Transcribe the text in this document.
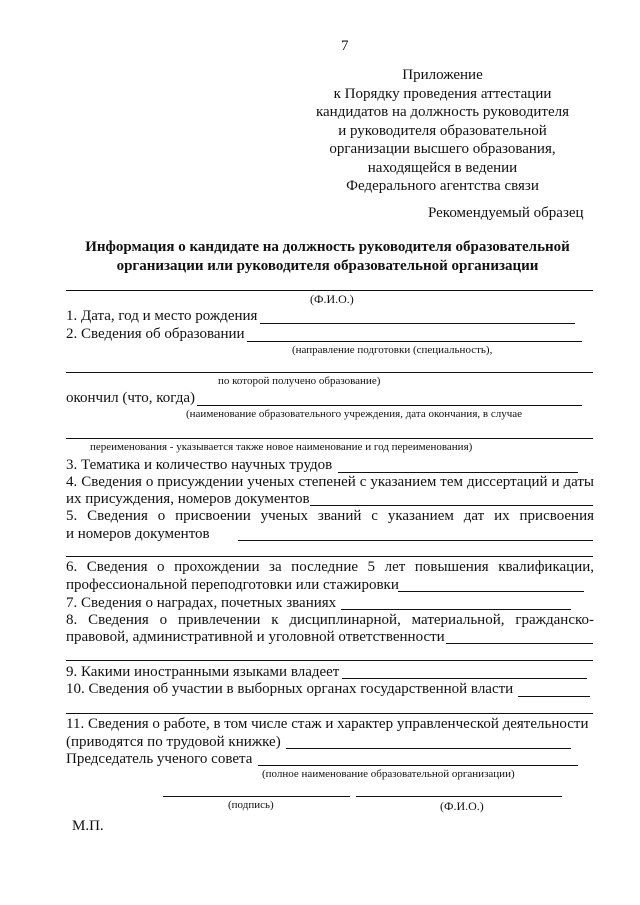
7
Приложение
к Порядку проведения аттестации
кандидатов на должность руководителя
и руководителя образовательной
организации высшего образования,
находящейся в ведении
Федерального агентства связи
Рекомендуемый образец
Информация о кандидате на должность руководителя образовательной
организации или руководителя образовательной организации
(Ф.И.О.)
1. Дата, год и место рождения
2. Сведения об образовании
(направление подготовки (специальность),
по которой получено образование)
окончил (что, когда)
(наименование образовательного учреждения, дата окончания, в случае
переименования - указывается также новое наименование и год переименования)
3. Тематика и количество научных трудов
4. Сведения о присуждении ученых степеней с указанием тем диссертаций и даты
их присуждения, номеров документов
5. Сведения о присвоении ученых званий с указанием дат их присвоения
и номеров документов
6. Сведения о прохождении за последние 5 лет повышения квалификации,
профессиональной переподготовки или стажировки
7. Сведения о наградах, почетных званиях
8. Сведения о привлечении к дисциплинарной, материальной, гражданско-
правовой, административной и уголовной ответственности
9. Какими иностранными языками владеет
10. Сведения об участии в выборных органах государственной власти
11. Сведения о работе, в том числе стаж и характер управленческой деятельности
(приводятся по трудовой книжке)
Председатель ученого совета
(полное наименование образовательной организации)
(подпись)	(Ф.И.О.)
М.П.
